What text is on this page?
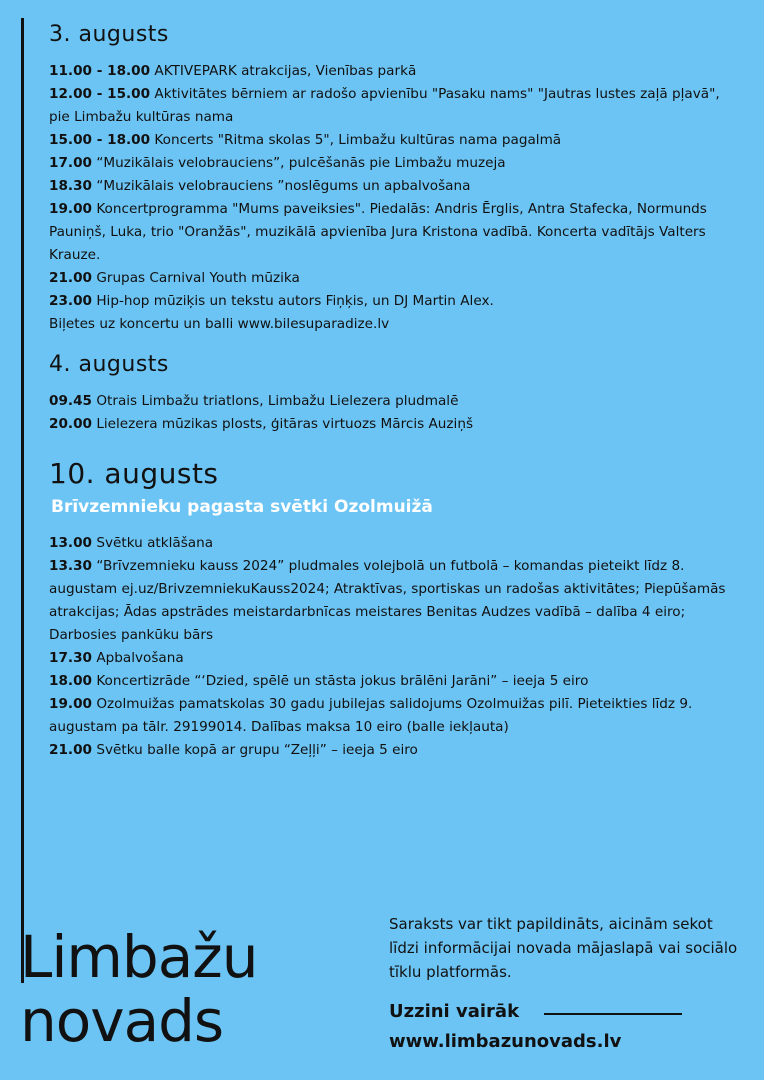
3. augusts
11.00 - 18.00 AKTIVEPARK atrakcijas, Vienības parkā
12.00 - 15.00 Aktivitātes bērniem ar radošo apvienību "Pasaku nams" "Jautras lustes zaļā pļavā", pie Limbažu kultūras nama
15.00 - 18.00 Koncerts "Ritma skolas 5", Limbažu kultūras nama pagalmā
17.00 “Muzikālais velobrauciens”, pulcēšanās pie Limbažu muzeja
18.30 “Muzikālais velobrauciens ”noslēgums un apbalvošana
19.00 Koncertprogramma "Mums paveiksies". Piedalās: Andris Ērglis, Antra Stafecka, Normunds Pauniņš, Luka, trio "Oranžās", muzikālā apvienība Jura Kristona vadībā. Koncerta vadītājs Valters Krauze.
21.00 Grupas Carnival Youth mūzika
23.00 Hip-hop mūziķis un tekstu autors Fiņķis, un DJ Martin Alex.
Biļetes uz koncertu un balli www.bilesuparadize.lv
4. augusts
09.45 Otrais Limbažu triatlons, Limbažu Lielezera pludmalē
20.00 Lielezera mūzikas plosts, ģitāras virtuozs Mārcis Auziņš
10. augusts
Brīvzemnieku pagasta svētki Ozolmuižā
13.00 Svētku atklāšana
13.30 “Brīvzemnieku kauss 2024” pludmales volejbolā un futbolā – komandas pieteikt līdz 8. augustam ej.uz/BrivzemniekuKauss2024; Atraktīvas, sportiskas un radošas aktivitātes; Piepūšamās atrakcijas; Ādas apstrādes meistardarbnīcas meistares Benitas Audzes vadībā – dalība 4 eiro; Darbosies pankūku bārs
17.30 Apbalvošana
18.00 Koncertizrāde “‘Dzied, spēlē un stāsta jokus brālēni Jarāni” – ieeja 5 eiro
19.00 Ozolmuižas pamatskolas 30 gadu jubilejas salidojums Ozolmuižas pilī. Pieteikties līdz 9. augustam pa tālr. 29199014. Dalības maksa 10 eiro (balle iekļauta)
21.00 Svētku balle kopā ar grupu “Zeļļi” – ieeja 5 eiro
Limbažu
novads
Saraksts var tikt papildināts, aicinām sekot līdzi informācijai novada mājaslapā vai sociālo tīklu platformās.
Uzzini vairāk
www.limbazunovads.lv
